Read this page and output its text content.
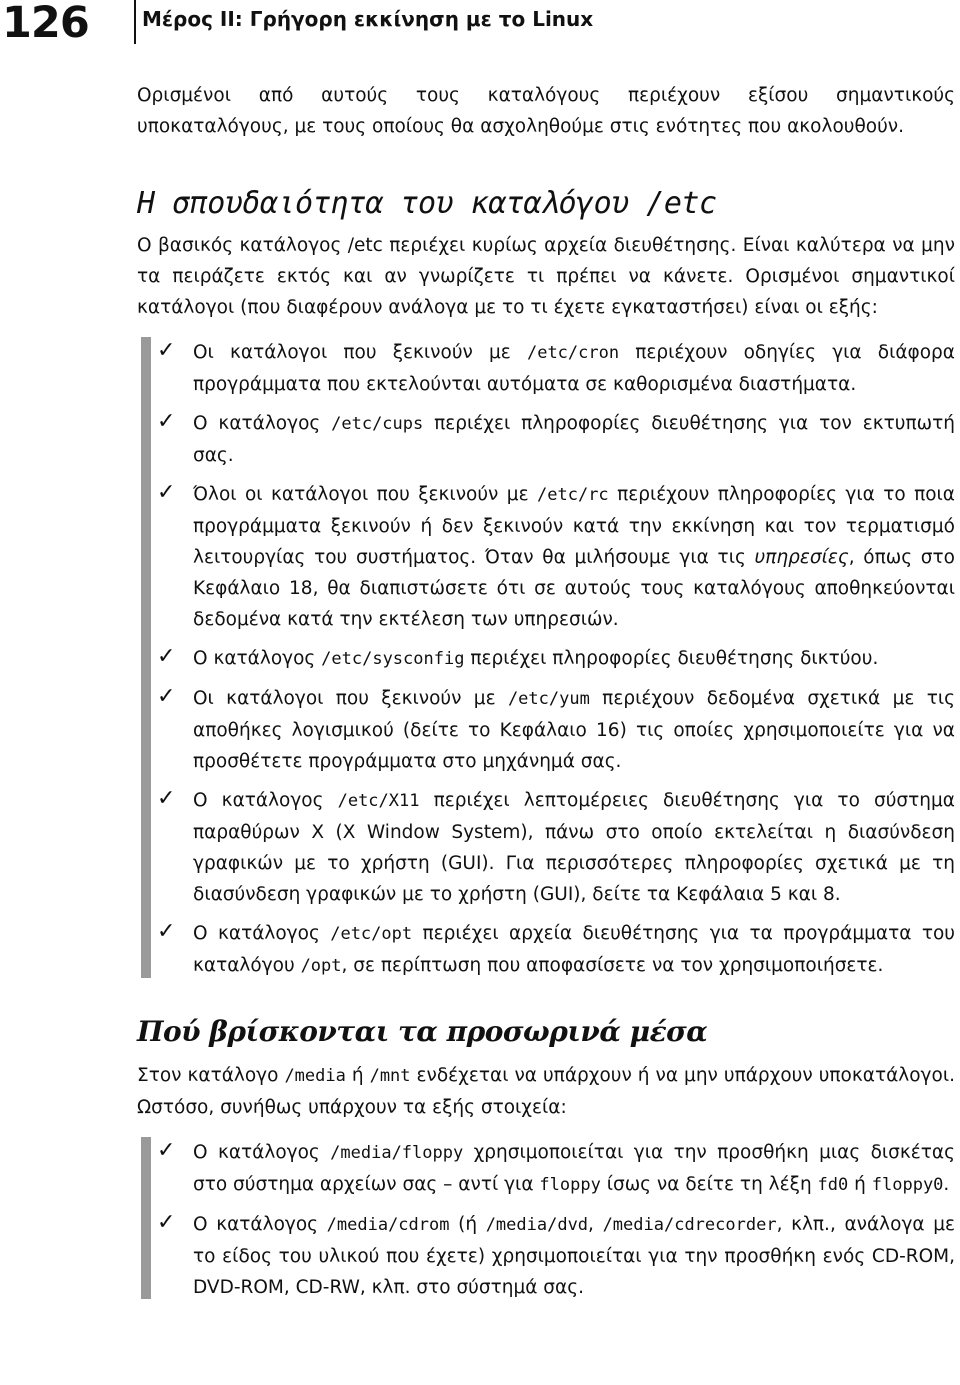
126	Μέρος ΙΙ: Γρήγορη εκκίνηση με το Linux

Ορισμένοι από αυτούς τους καταλόγους περιέχουν εξίσου σημαντικούς υποκαταλόγους, με τους οποίους θα ασχοληθούμε στις ενότητες που ακολουθούν.

Η σπουδαιότητα του καταλόγου /etc

Ο βασικός κατάλογος /etc περιέχει κυρίως αρχεία διευθέτησης. Είναι καλύτερα να μην τα πειράζετε εκτός και αν γνωρίζετε τι πρέπει να κάνετε. Ορισμένοι σημαντικοί κατάλογοι (που διαφέρουν ανάλογα με το τι έχετε εγκαταστήσει) είναι οι εξής:

✓ Οι κατάλογοι που ξεκινούν με /etc/cron περιέχουν οδηγίες για διάφορα προγράμματα που εκτελούνται αυτόματα σε καθορισμένα διαστήματα.
✓ Ο κατάλογος /etc/cups περιέχει πληροφορίες διευθέτησης για τον εκτυπωτή σας.
✓ Όλοι οι κατάλογοι που ξεκινούν με /etc/rc περιέχουν πληροφορίες για το ποια προγράμματα ξεκινούν ή δεν ξεκινούν κατά την εκκίνηση και τον τερματισμό λειτουργίας του συστήματος. Όταν θα μιλήσουμε για τις υπηρεσίες, όπως στο Κεφάλαιο 18, θα διαπιστώσετε ότι σε αυτούς τους καταλόγους αποθηκεύονται δεδομένα κατά την εκτέλεση των υπηρεσιών.
✓ Ο κατάλογος /etc/sysconfig περιέχει πληροφορίες διευθέτησης δικτύου.
✓ Οι κατάλογοι που ξεκινούν με /etc/yum περιέχουν δεδομένα σχετικά με τις αποθήκες λογισμικού (δείτε το Κεφάλαιο 16) τις οποίες χρησιμοποιείτε για να προσθέτετε προγράμματα στο μηχάνημά σας.
✓ Ο κατάλογος /etc/X11 περιέχει λεπτομέρειες διευθέτησης για το σύστημα παραθύρων X (X Window System), πάνω στο οποίο εκτελείται η διασύνδεση γραφικών με το χρήστη (GUI). Για περισσότερες πληροφορίες σχετικά με τη διασύνδεση γραφικών με το χρήστη (GUI), δείτε τα Κεφάλαια 5 και 8.
✓ Ο κατάλογος /etc/opt περιέχει αρχεία διευθέτησης για τα προγράμματα του καταλόγου /opt, σε περίπτωση που αποφασίσετε να τον χρησιμοποιήσετε.
Πού βρίσκονται τα προσωρινά μέσα

Στον κατάλογο /media ή /mnt ενδέχεται να υπάρχουν ή να μην υπάρχουν υποκατάλογοι. Ωστόσο, συνήθως υπάρχουν τα εξής στοιχεία:

✓ Ο κατάλογος /media/floppy χρησιμοποιείται για την προσθήκη μιας δισκέτας στο σύστημα αρχείων σας – αντί για floppy ίσως να δείτε τη λέξη fd0 ή floppy0.
✓ Ο κατάλογος /media/cdrom (ή /media/dvd, /media/cdrecorder, κλπ., ανάλογα με το είδος του υλικού που έχετε) χρησιμοποιείται για την προσθήκη ενός CD-ROM, DVD-ROM, CD-RW, κλπ. στο σύστημά σας.
